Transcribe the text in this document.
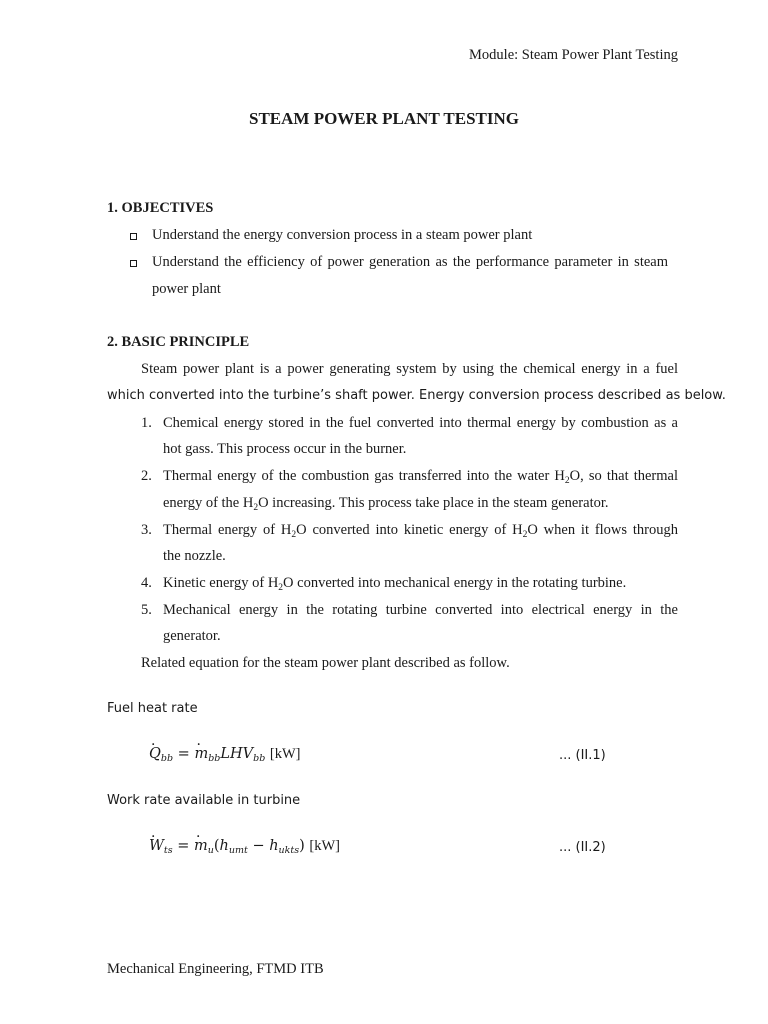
Module: Steam Power Plant Testing
STEAM POWER PLANT TESTING
1. OBJECTIVES
Understand the energy conversion process in a steam power plant
Understand the efficiency of power generation as the performance parameter in steam
power plant
2. BASIC PRINCIPLE
Steam power plant is a power generating system by using the chemical energy in a fuel
which converted into the turbine’s shaft power. Energy conversion process described as below.
1. Chemical energy stored in the fuel converted into thermal energy by combustion as a
hot gass. This process occur in the burner.
2. Thermal energy of the combustion gas transferred into the water $H_2O$, so that thermal
energy of the $H_2O$ increasing. This process take place in the steam generator.
3. Thermal energy of $H_2O$ converted into kinetic energy of $H_2O$ when it flows through
the nozzle.
4. Kinetic energy of $H_2O$ converted into mechanical energy in the rotating turbine.
5. Mechanical energy in the rotating turbine converted into electrical energy in the
generator.
Related equation for the steam power plant described as follow.
Fuel heat rate
$Q \cdot_{bb} = m \cdot_{bb}LHV_{bb}$ [kW]	... (II.1)
Work rate available in turbine
$W \cdot_{ts} = m \cdot_u(h_{umt} - h_{ukts})$ [kW]	... (II.2)
Mechanical Engineering, FTMD ITB
